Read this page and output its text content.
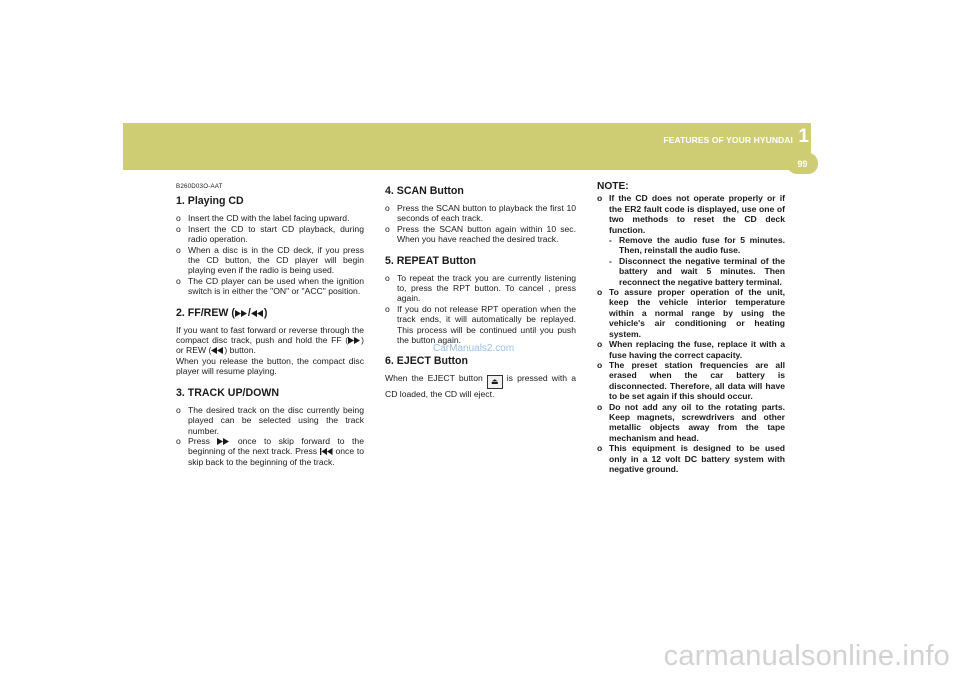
FEATURES OF YOUR HYUNDAI 1
99
B260D03O-AAT
1. Playing CD
o Insert the CD with the label facing upward.
o Insert the CD to start CD playback, during radio operation.
o When a disc is in the CD deck, if you press the CD button, the CD player will begin playing even if the radio is being used.
o The CD player can be used when the ignition switch is in either the "ON" or "ACC" position.
2. FF/REW ( / )

If you want to fast forward or reverse through the compact disc track, push and hold the FF ( ) or REW ( ) button.

When you release the button, the compact disc player will resume playing.

3. TRACK UP/DOWN
o The desired track on the disc currently being played can be selected using the track number.
o Press	once to skip forward to the beginning of the next track. Press once to skip back to the beginning of the track.
4. SCAN Button
o Press the SCAN button to playback the first 10 seconds of each track.
o Press the SCAN button again within 10 sec. When you have reached the desired track.
5. REPEAT Button
o To repeat the track you are currently listening to, press the RPT button. To cancel , press again.
o If you do not release RPT operation when the track ends, it will automatically be replayed. This process will be continued until you push the button again.
6. EJECT Button

When the EJECT button ⏏ is pressed with a CD loaded, the CD will eject.

NOTE:
o If the CD does not operate properly or if the ER2 fault code is displayed, use one of two methods to reset the CD deck function.
- Remove the audio fuse for 5 minutes. Then, reinstall the audio fuse.
- Disconnect the negative terminal of the battery and wait 5 minutes. Then reconnect the negative battery terminal.
o To assure proper operation of the unit, keep the vehicle interior temperature within a normal range by using the vehicle's air conditioning or heating system.
o When replacing the fuse, replace it with a fuse having the correct capacity.
o The preset station frequencies are all erased when the car battery is disconnected. Therefore, all data will have to be set again if this should occur.
o Do not add any oil to the rotating parts. Keep magnets, screwdrivers and other metallic objects away from the tape mechanism and head.
o This equipment is designed to be used only in a 12 volt DC battery system with negative ground.
CarManuals2.com
carmanualsonline.info
